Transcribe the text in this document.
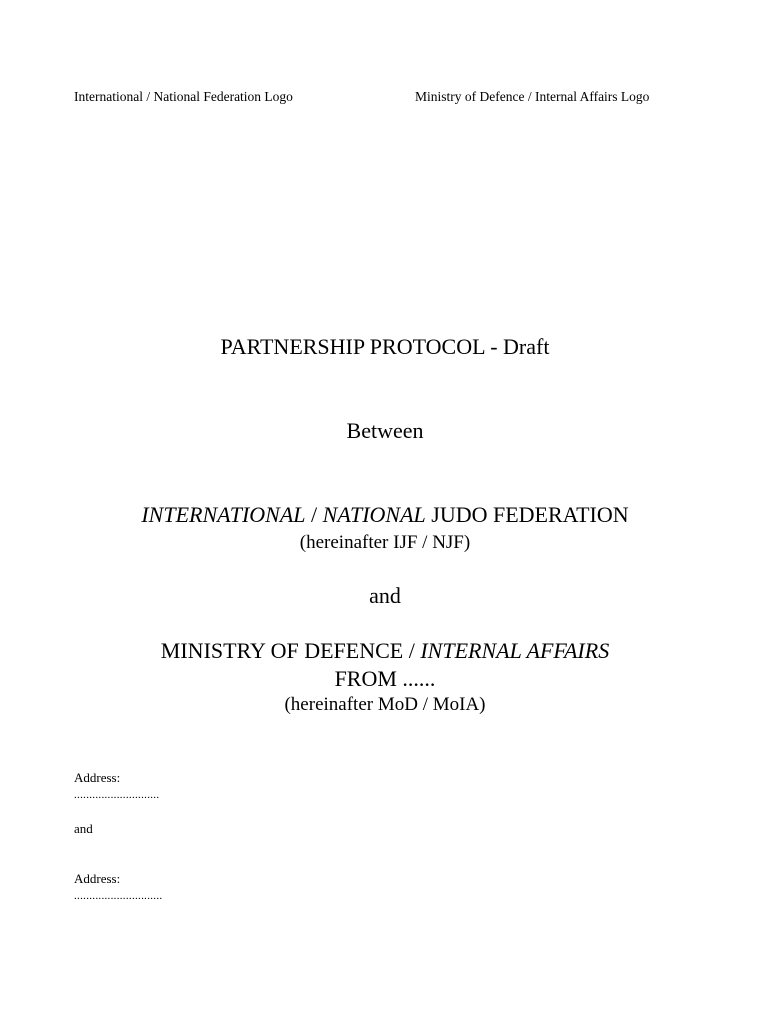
International / National Federation Logo	Ministry of Defence / Internal Affairs Logo
PARTNERSHIP PROTOCOL - Draft
Between
INTERNATIONAL / NATIONAL JUDO FEDERATION
(hereinafter IJF / NJF)
and
MINISTRY OF DEFENCE / INTERNAL AFFAIRS
FROM ......
(hereinafter MoD / MoIA)
Address:
............................
and
Address:
.............................
